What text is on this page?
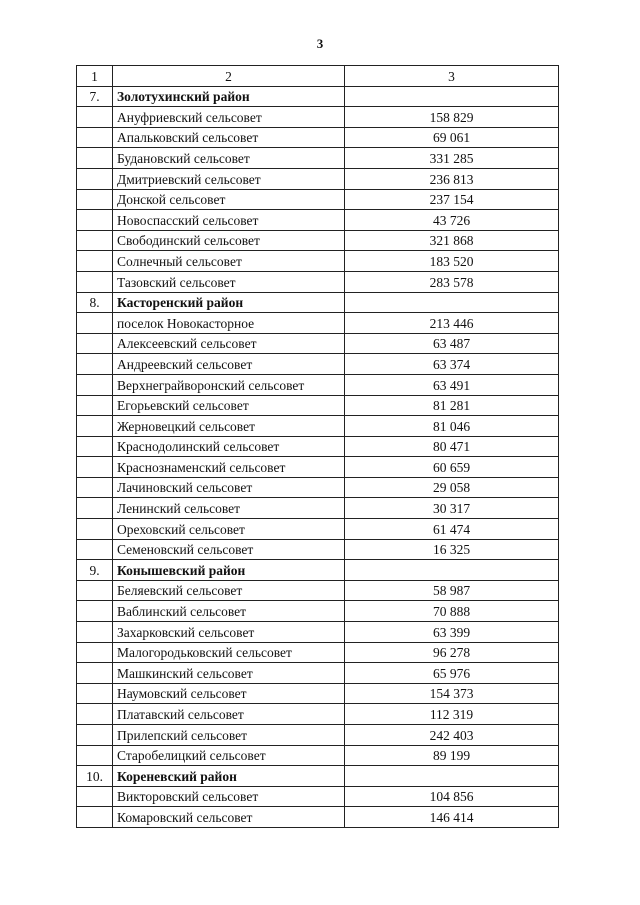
3
1	2	3
7.	Золотухинский район	
	Ануфриевский сельсовет	158 829
	Апальковский сельсовет	69 061
	Будановский сельсовет	331 285
	Дмитриевский сельсовет	236 813
	Донской сельсовет	237 154
	Новоспасский сельсовет	43 726
	Свободинский сельсовет	321 868
	Солнечный сельсовет	183 520
	Тазовский сельсовет	283 578
8.	Касторенский район	
	поселок Новокасторное	213 446
	Алексеевский сельсовет	63 487
	Андреевский сельсовет	63 374
	Верхнеграйворонский сельсовет	63 491
	Егорьевский сельсовет	81 281
	Жерновецкий сельсовет	81 046
	Краснодолинский сельсовет	80 471
	Краснознаменский сельсовет	60 659
	Лачиновский сельсовет	29 058
	Ленинский сельсовет	30 317
	Ореховский сельсовет	61 474
	Семеновский сельсовет	16 325
9.	Конышевский район	
	Беляевский сельсовет	58 987
	Ваблинский сельсовет	70 888
	Захарковский сельсовет	63 399
	Малогородьковский сельсовет	96 278
	Машкинский сельсовет	65 976
	Наумовский сельсовет	154 373
	Платавский сельсовет	112 319
	Прилепский сельсовет	242 403
	Старобелицкий сельсовет	89 199
10.	Кореневский район	
	Викторовский сельсовет	104 856
	Комаровский сельсовет	146 414
